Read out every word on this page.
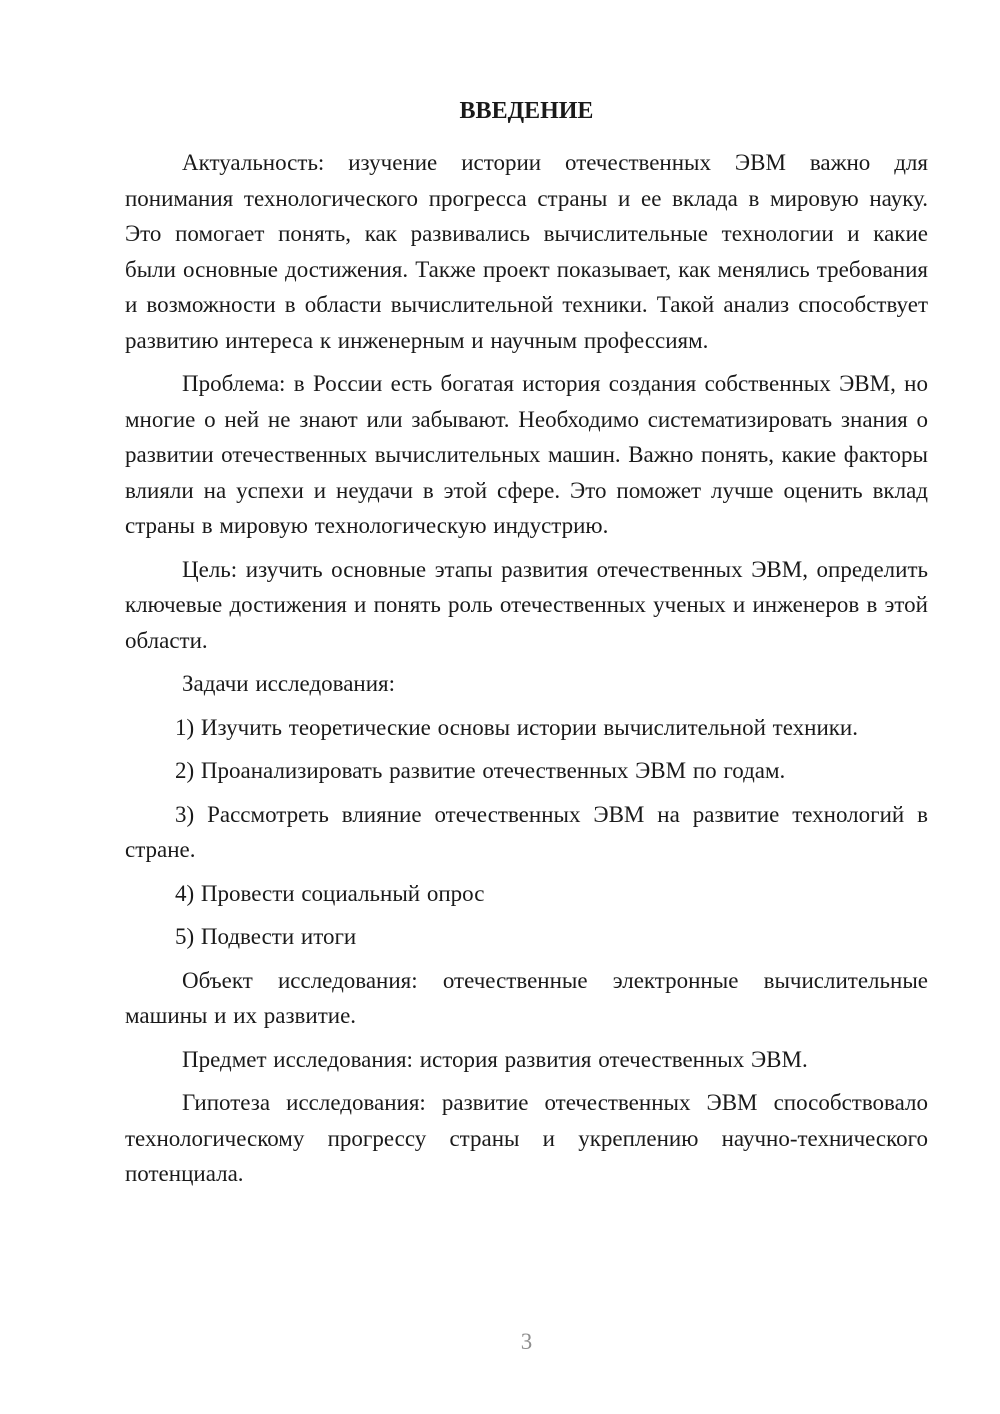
ВВЕДЕНИЕ

Актуальность: изучение истории отечественных ЭВМ важно для понимания технологического прогресса страны и ее вклада в мировую науку. Это помогает понять, как развивались вычислительные технологии и какие были основные достижения. Также проект показывает, как менялись требования и возможности в области вычислительной техники. Такой анализ способствует развитию интереса к инженерным и научным профессиям.

Проблема: в России есть богатая история создания собственных ЭВМ, но многие о ней не знают или забывают. Необходимо систематизировать знания о развитии отечественных вычислительных машин. Важно понять, какие факторы влияли на успехи и неудачи в этой сфере. Это поможет лучше оценить вклад страны в мировую технологическую индустрию.

Цель: изучить основные этапы развития отечественных ЭВМ, определить ключевые достижения и понять роль отечественных ученых и инженеров в этой области.

Задачи исследования:

1) Изучить теоретические основы истории вычислительной техники.

2) Проанализировать развитие отечественных ЭВМ по годам.

3) Рассмотреть влияние отечественных ЭВМ на развитие технологий в стране.

4) Провести социальный опрос

5) Подвести итоги

Объект исследования: отечественные электронные вычислительные машины и их развитие.

Предмет исследования: история развития отечественных ЭВМ.

Гипотеза исследования: развитие отечественных ЭВМ способствовало технологическому прогрессу страны и укреплению научно-технического потенциала.

3
